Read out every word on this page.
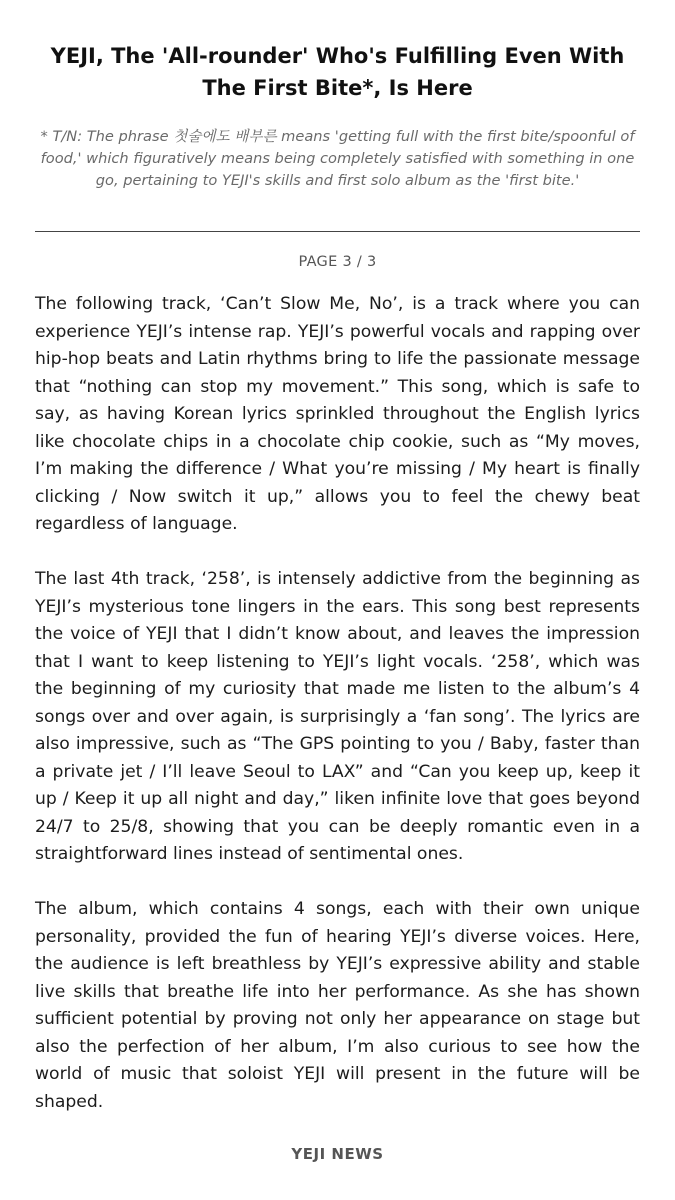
YEJI, The 'All-rounder' Who's Fulfilling Even With
The First Bite*, Is Here

* T/N: The phrase 첫술에도 배부른 means 'getting full with the first bite/spoonful of food,' which figuratively means being completely satisfied with something in one go, pertaining to YEJI's skills and first solo album as the 'first bite.'

PAGE 3 / 3

The following track, ‘Can’t Slow Me, No’, is a track where you can experience YEJI’s intense rap. YEJI’s powerful vocals and rapping over hip-hop beats and Latin rhythms bring to life the passionate message that “nothing can stop my movement.” This song, which is safe to say, as having Korean lyrics sprinkled throughout the English lyrics like chocolate chips in a chocolate chip cookie, such as “My moves, I’m making the difference / What you’re missing / My heart is finally clicking / Now switch it up,” allows you to feel the chewy beat regardless of language.

The last 4th track, ‘258’, is intensely addictive from the beginning as YEJI’s mysterious tone lingers in the ears. This song best represents the voice of YEJI that I didn’t know about, and leaves the impression that I want to keep listening to YEJI’s light vocals. ‘258’, which was the beginning of my curiosity that made me listen to the album’s 4 songs over and over again, is surprisingly a ‘fan song’. The lyrics are also impressive, such as “The GPS pointing to you / Baby, faster than a private jet / I’ll leave Seoul to LAX” and “Can you keep up, keep it up / Keep it up all night and day,” liken infinite love that goes beyond 24/7 to 25/8, showing that you can be deeply romantic even in a straightforward lines instead of sentimental ones.

The album, which contains 4 songs, each with their own unique personality, provided the fun of hearing YEJI’s diverse voices. Here, the audience is left breathless by YEJI’s expressive ability and stable live skills that breathe life into her performance. As she has shown sufficient potential by proving not only her appearance on stage but also the perfection of her album, I’m also curious to see how the world of music that soloist YEJI will present in the future will be shaped.

YEJI NEWS
